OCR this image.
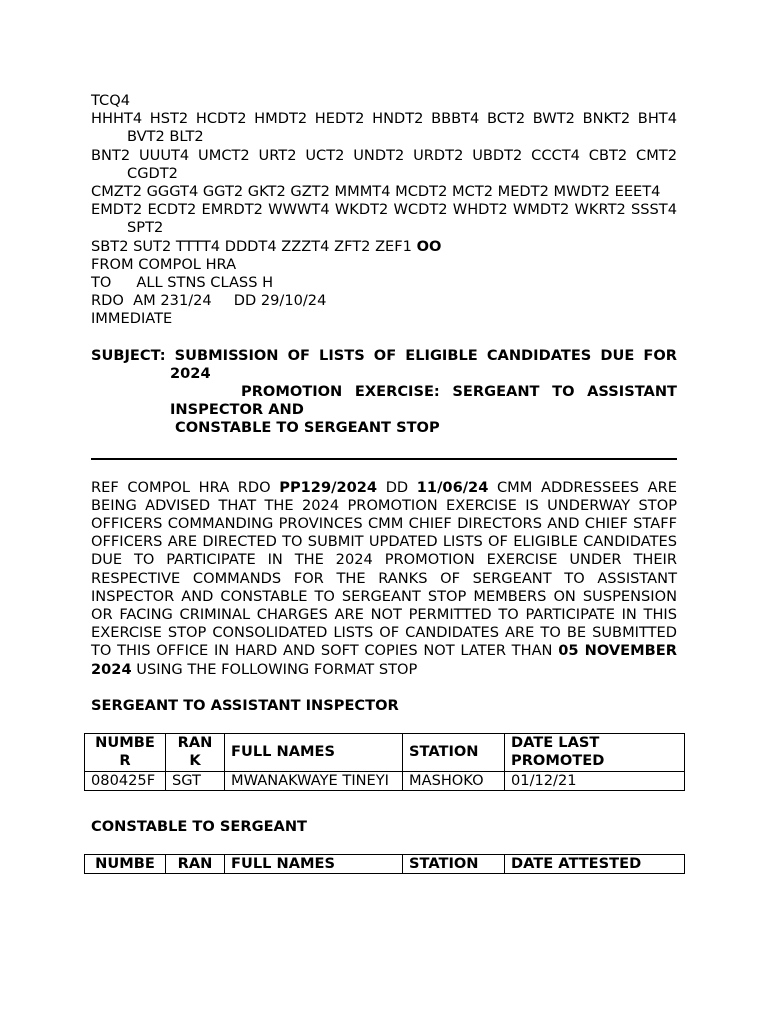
TCQ4
HHHT4 HST2 HCDT2 HMDT2 HEDT2 HNDT2 BBBT4 BCT2 BWT2 BNKT2 BHT4 BVT2 BLT2
BNT2 UUUT4 UMCT2 URT2 UCT2 UNDT2 URDT2 UBDT2 CCCT4 CBT2 CMT2 CGDT2
CMZT2 GGGT4 GGT2 GKT2 GZT2 MMMT4 MCDT2 MCT2 MEDT2 MWDT2 EEET4
EMDT2 ECDT2 EMRDT2 WWWT4 WKDT2 WCDT2 WHDT2 WMDT2 WKRT2 SSST4 SPT2
SBT2 SUT2 TTTT4 DDDT4 ZZZT4 ZFT2 ZEF1 OO
FROM COMPOL HRA
TO ALL STNS CLASS H
RDO AM 231/24 DD 29/10/24
IMMEDIATE
SUBJECT: SUBMISSION OF LISTS OF ELIGIBLE CANDIDATES DUE FOR
2024
PROMOTION EXERCISE: SERGEANT TO ASSISTANT
INSPECTOR AND
CONSTABLE TO SERGEANT STOP
REF COMPOL HRA RDO PP129/2024 DD 11/06/24 CMM ADDRESSEES ARE BEING ADVISED THAT THE 2024 PROMOTION EXERCISE IS UNDERWAY STOP OFFICERS COMMANDING PROVINCES CMM CHIEF DIRECTORS AND CHIEF STAFF OFFICERS ARE DIRECTED TO SUBMIT UPDATED LISTS OF ELIGIBLE CANDIDATES DUE TO PARTICIPATE IN THE 2024 PROMOTION EXERCISE UNDER THEIR RESPECTIVE COMMANDS FOR THE RANKS OF SERGEANT TO ASSISTANT INSPECTOR AND CONSTABLE TO SERGEANT STOP MEMBERS ON SUSPENSION OR FACING CRIMINAL CHARGES ARE NOT PERMITTED TO PARTICIPATE IN THIS EXERCISE STOP CONSOLIDATED LISTS OF CANDIDATES ARE TO BE SUBMITTED TO THIS OFFICE IN HARD AND SOFT COPIES NOT LATER THAN 05 NOVEMBER 2024 USING THE FOLLOWING FORMAT STOP
SERGEANT TO ASSISTANT INSPECTOR
NUMBE R	RAN K	FULL NAMES	STATION	DATE LAST PROMOTED
080425F	SGT	MWANAKWAYE TINEYI	MASHOKO	01/12/21
CONSTABLE TO SERGEANT
NUMBE	RAN	FULL NAMES	STATION	DATE ATTESTED
